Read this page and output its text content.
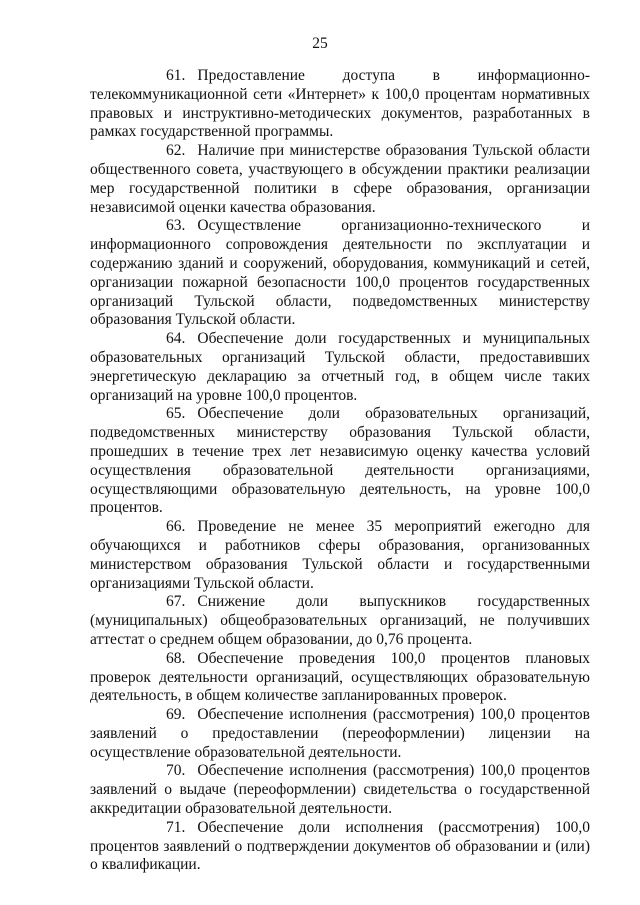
25

61. Предоставление доступа в информационно-телекоммуникационной сети «Интернет» к 100,0 процентам нормативных правовых и инструктивно-методических документов, разработанных в рамках государственной программы.

62. Наличие при министерстве образования Тульской области общественного совета, участвующего в обсуждении практики реализации мер государственной политики в сфере образования, организации независимой оценки качества образования.

63. Осуществление организационно-технического и информационного сопровождения деятельности по эксплуатации и содержанию зданий и сооружений, оборудования, коммуникаций и сетей, организации пожарной безопасности 100,0 процентов государственных организаций Тульской области, подведомственных министерству образования Тульской области.

64. Обеспечение доли государственных и муниципальных образовательных организаций Тульской области, предоставивших энергетическую декларацию за отчетный год, в общем числе таких организаций на уровне 100,0 процентов.

65. Обеспечение доли образовательных организаций, подведомственных министерству образования Тульской области, прошедших в течение трех лет независимую оценку качества условий осуществления образовательной деятельности организациями, осуществляющими образовательную деятельность, на уровне 100,0 процентов.

66. Проведение не менее 35 мероприятий ежегодно для обучающихся и работников сферы образования, организованных министерством образования Тульской области и государственными организациями Тульской области.

67. Снижение доли выпускников государственных (муниципальных) общеобразовательных организаций, не получивших аттестат о среднем общем образовании, до 0,76 процента.

68. Обеспечение проведения 100,0 процентов плановых проверок деятельности организаций, осуществляющих образовательную деятельность, в общем количестве запланированных проверок.

69. Обеспечение исполнения (рассмотрения) 100,0 процентов заявлений о предоставлении (переоформлении) лицензии на осуществление образовательной деятельности.

70. Обеспечение исполнения (рассмотрения) 100,0 процентов заявлений о выдаче (переоформлении) свидетельства о государственной аккредитации образовательной деятельности.

71. Обеспечение доли исполнения (рассмотрения) 100,0 процентов заявлений о подтверждении документов об образовании и (или) о квалификации.
